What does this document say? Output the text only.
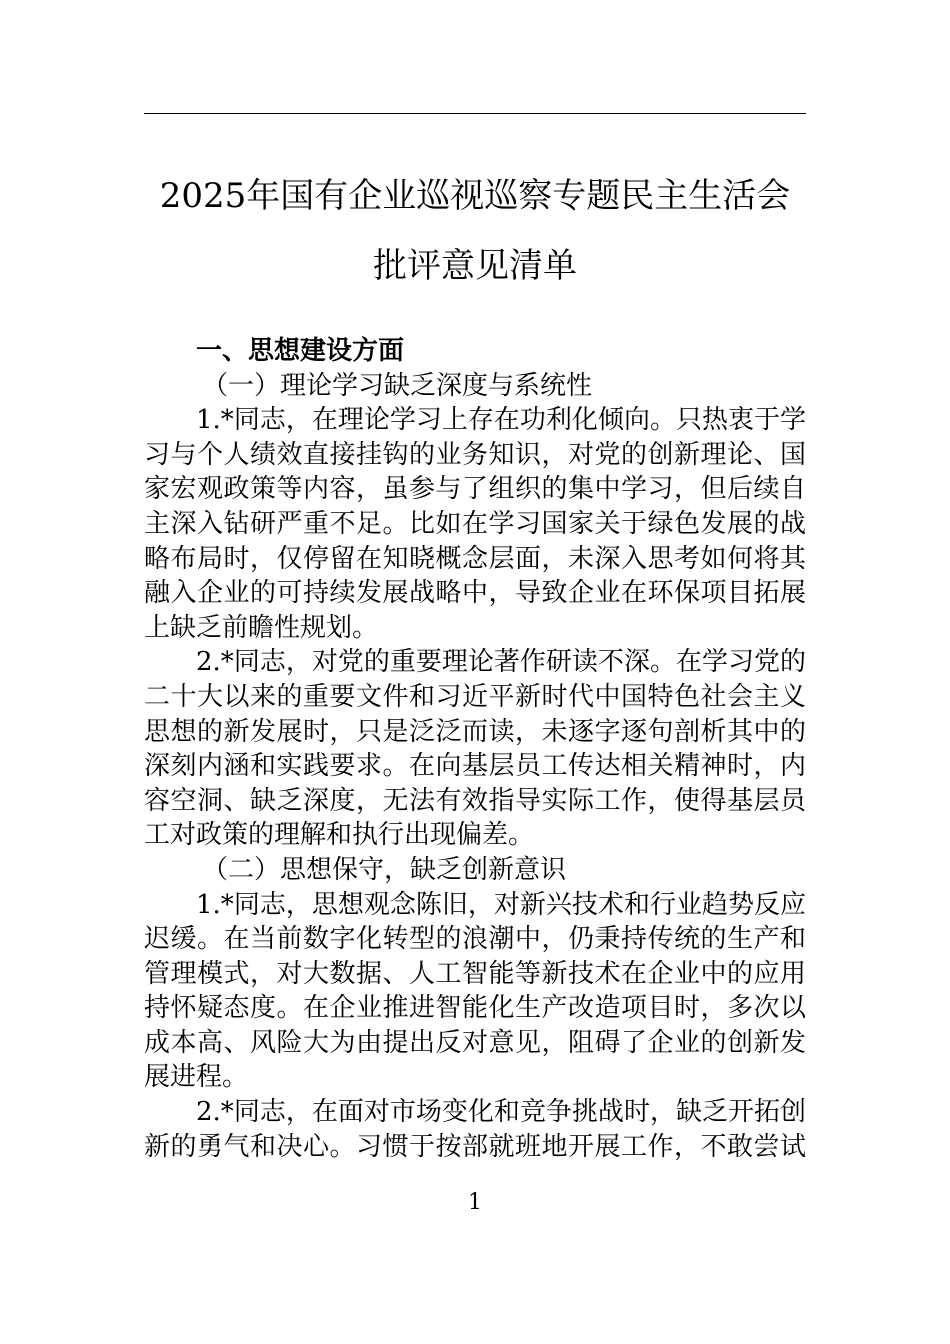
2025年国有企业巡视巡察专题民主生活会
批评意见清单
一、思想建设方面
（一）理论学习缺乏深度与系统性
1.*同志，在理论学习上存在功利化倾向。只热衷于学
习与个人绩效直接挂钩的业务知识，对党的创新理论、国
家宏观政策等内容，虽参与了组织的集中学习，但后续自
主深入钻研严重不足。比如在学习国家关于绿色发展的战
略布局时，仅停留在知晓概念层面，未深入思考如何将其
融入企业的可持续发展战略中，导致企业在环保项目拓展
上缺乏前瞻性规划。
2.*同志，对党的重要理论著作研读不深。在学习党的
二十大以来的重要文件和习近平新时代中国特色社会主义
思想的新发展时，只是泛泛而读，未逐字逐句剖析其中的
深刻内涵和实践要求。在向基层员工传达相关精神时，内
容空洞、缺乏深度，无法有效指导实际工作，使得基层员
工对政策的理解和执行出现偏差。
（二）思想保守，缺乏创新意识
1.*同志，思想观念陈旧，对新兴技术和行业趋势反应
迟缓。在当前数字化转型的浪潮中，仍秉持传统的生产和
管理模式，对大数据、人工智能等新技术在企业中的应用
持怀疑态度。在企业推进智能化生产改造项目时，多次以
成本高、风险大为由提出反对意见，阻碍了企业的创新发
展进程。
2.*同志，在面对市场变化和竞争挑战时，缺乏开拓创
新的勇气和决心。习惯于按部就班地开展工作，不敢尝试
1
